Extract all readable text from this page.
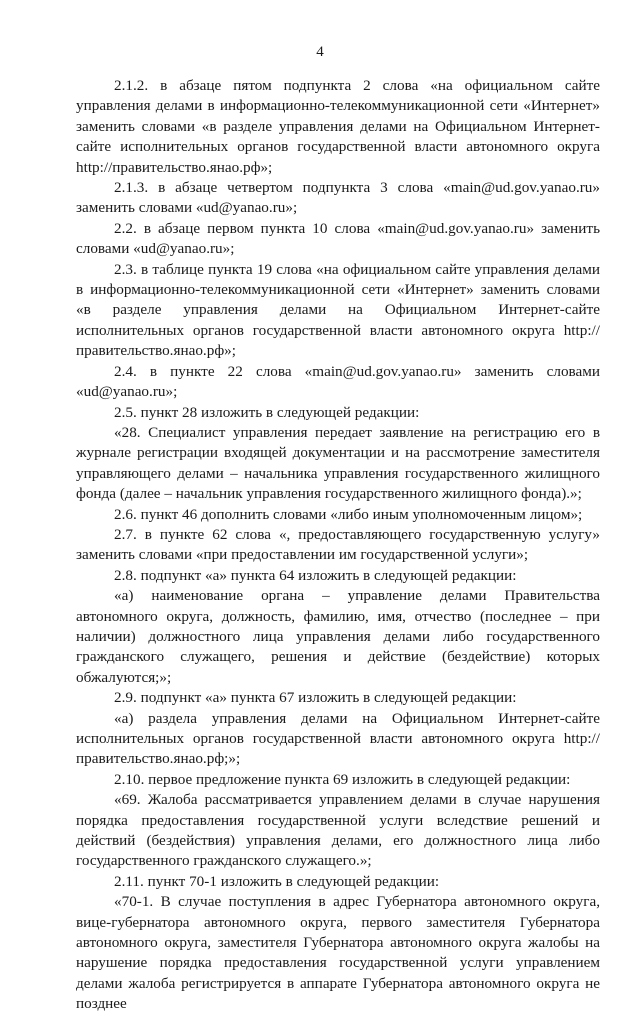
4

2.1.2. в абзаце пятом подпункта 2 слова «на официальном сайте управления делами в информационно-телекоммуникационной сети «Интернет» заменить словами «в разделе управления делами на Официальном Интернет-сайте исполнительных органов государственной власти автономного округа http://правительство.янао.рф»;

2.1.3. в абзаце четвертом подпункта 3 слова «main@ud.gov.yanao.ru» заменить словами «ud@yanao.ru»;

2.2. в абзаце первом пункта 10 слова «main@ud.gov.yanao.ru» заменить словами «ud@yanao.ru»;

2.3. в таблице пункта 19 слова «на официальном сайте управления делами в информационно-телекоммуникационной сети «Интернет» заменить словами «в разделе управления делами на Официальном Интернет-сайте исполнительных органов государственной власти автономного округа http://правительство.янао.рф»;

2.4. в пункте 22 слова «main@ud.gov.yanao.ru» заменить словами «ud@yanao.ru»;

2.5. пункт 28 изложить в следующей редакции:

«28. Специалист управления передает заявление на регистрацию его в журнале регистрации входящей документации и на рассмотрение заместителя управляющего делами – начальника управления государственного жилищного фонда (далее – начальник управления государственного жилищного фонда).»;

2.6. пункт 46 дополнить словами «либо иным уполномоченным лицом»;

2.7. в пункте 62 слова «, предоставляющего государственную услугу» заменить словами «при предоставлении им государственной услуги»;

2.8. подпункт «а» пункта 64 изложить в следующей редакции:

«а) наименование органа – управление делами Правительства автономного округа, должность, фамилию, имя, отчество (последнее – при наличии) должностного лица управления делами либо государственного гражданского служащего, решения и действие (бездействие) которых обжалуются;»;

2.9. подпункт «а» пункта 67 изложить в следующей редакции:

«а) раздела управления делами на Официальном Интернет-сайте исполнительных органов государственной власти автономного округа http://правительство.янао.рф;»;

2.10. первое предложение пункта 69 изложить в следующей редакции:

«69. Жалоба рассматривается управлением делами в случае нарушения порядка предоставления государственной услуги вследствие решений и действий (бездействия) управления делами, его должностного лица либо государственного гражданского служащего.»;

2.11. пункт 70-1 изложить в следующей редакции:

«70-1. В случае поступления в адрес Губернатора автономного округа, вице-губернатора автономного округа, первого заместителя Губернатора автономного округа, заместителя Губернатора автономного округа жалобы на нарушение порядка предоставления государственной услуги управлением делами жалоба регистрируется в аппарате Губернатора автономного округа не позднее
